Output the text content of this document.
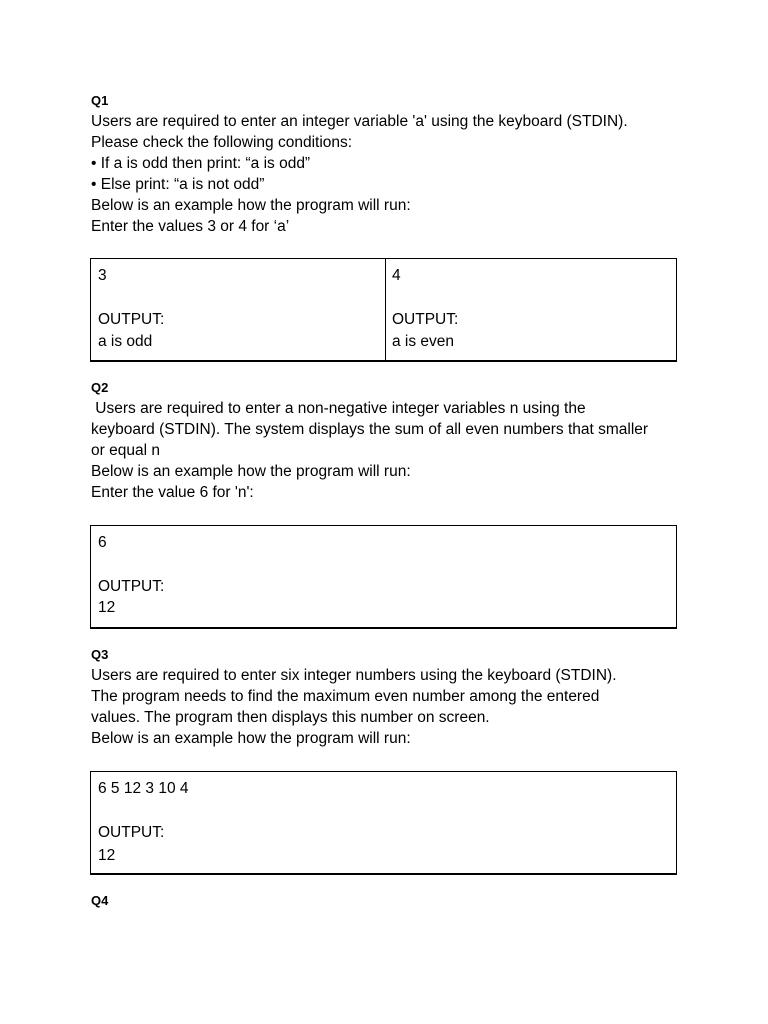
Q1
Users are required to enter an integer variable 'a' using the keyboard (STDIN).
Please check the following conditions:
• If a is odd then print: “a is odd”
• Else print: “a is not odd”
Below is an example how the program will run:
Enter the values 3 or 4 for ‘a’
3
OUTPUT:
a is odd
4
OUTPUT:
a is even
Q2
Users are required to enter a non-negative integer variables n using the
keyboard (STDIN). The system displays the sum of all even numbers that smaller
or equal n
Below is an example how the program will run:
Enter the value 6 for 'n':
6
OUTPUT:
12
Q3
Users are required to enter six integer numbers using the keyboard (STDIN).
The program needs to find the maximum even number among the entered
values. The program then displays this number on screen.
Below is an example how the program will run:
6 5 12 3 10 4
OUTPUT:
12
Q4
